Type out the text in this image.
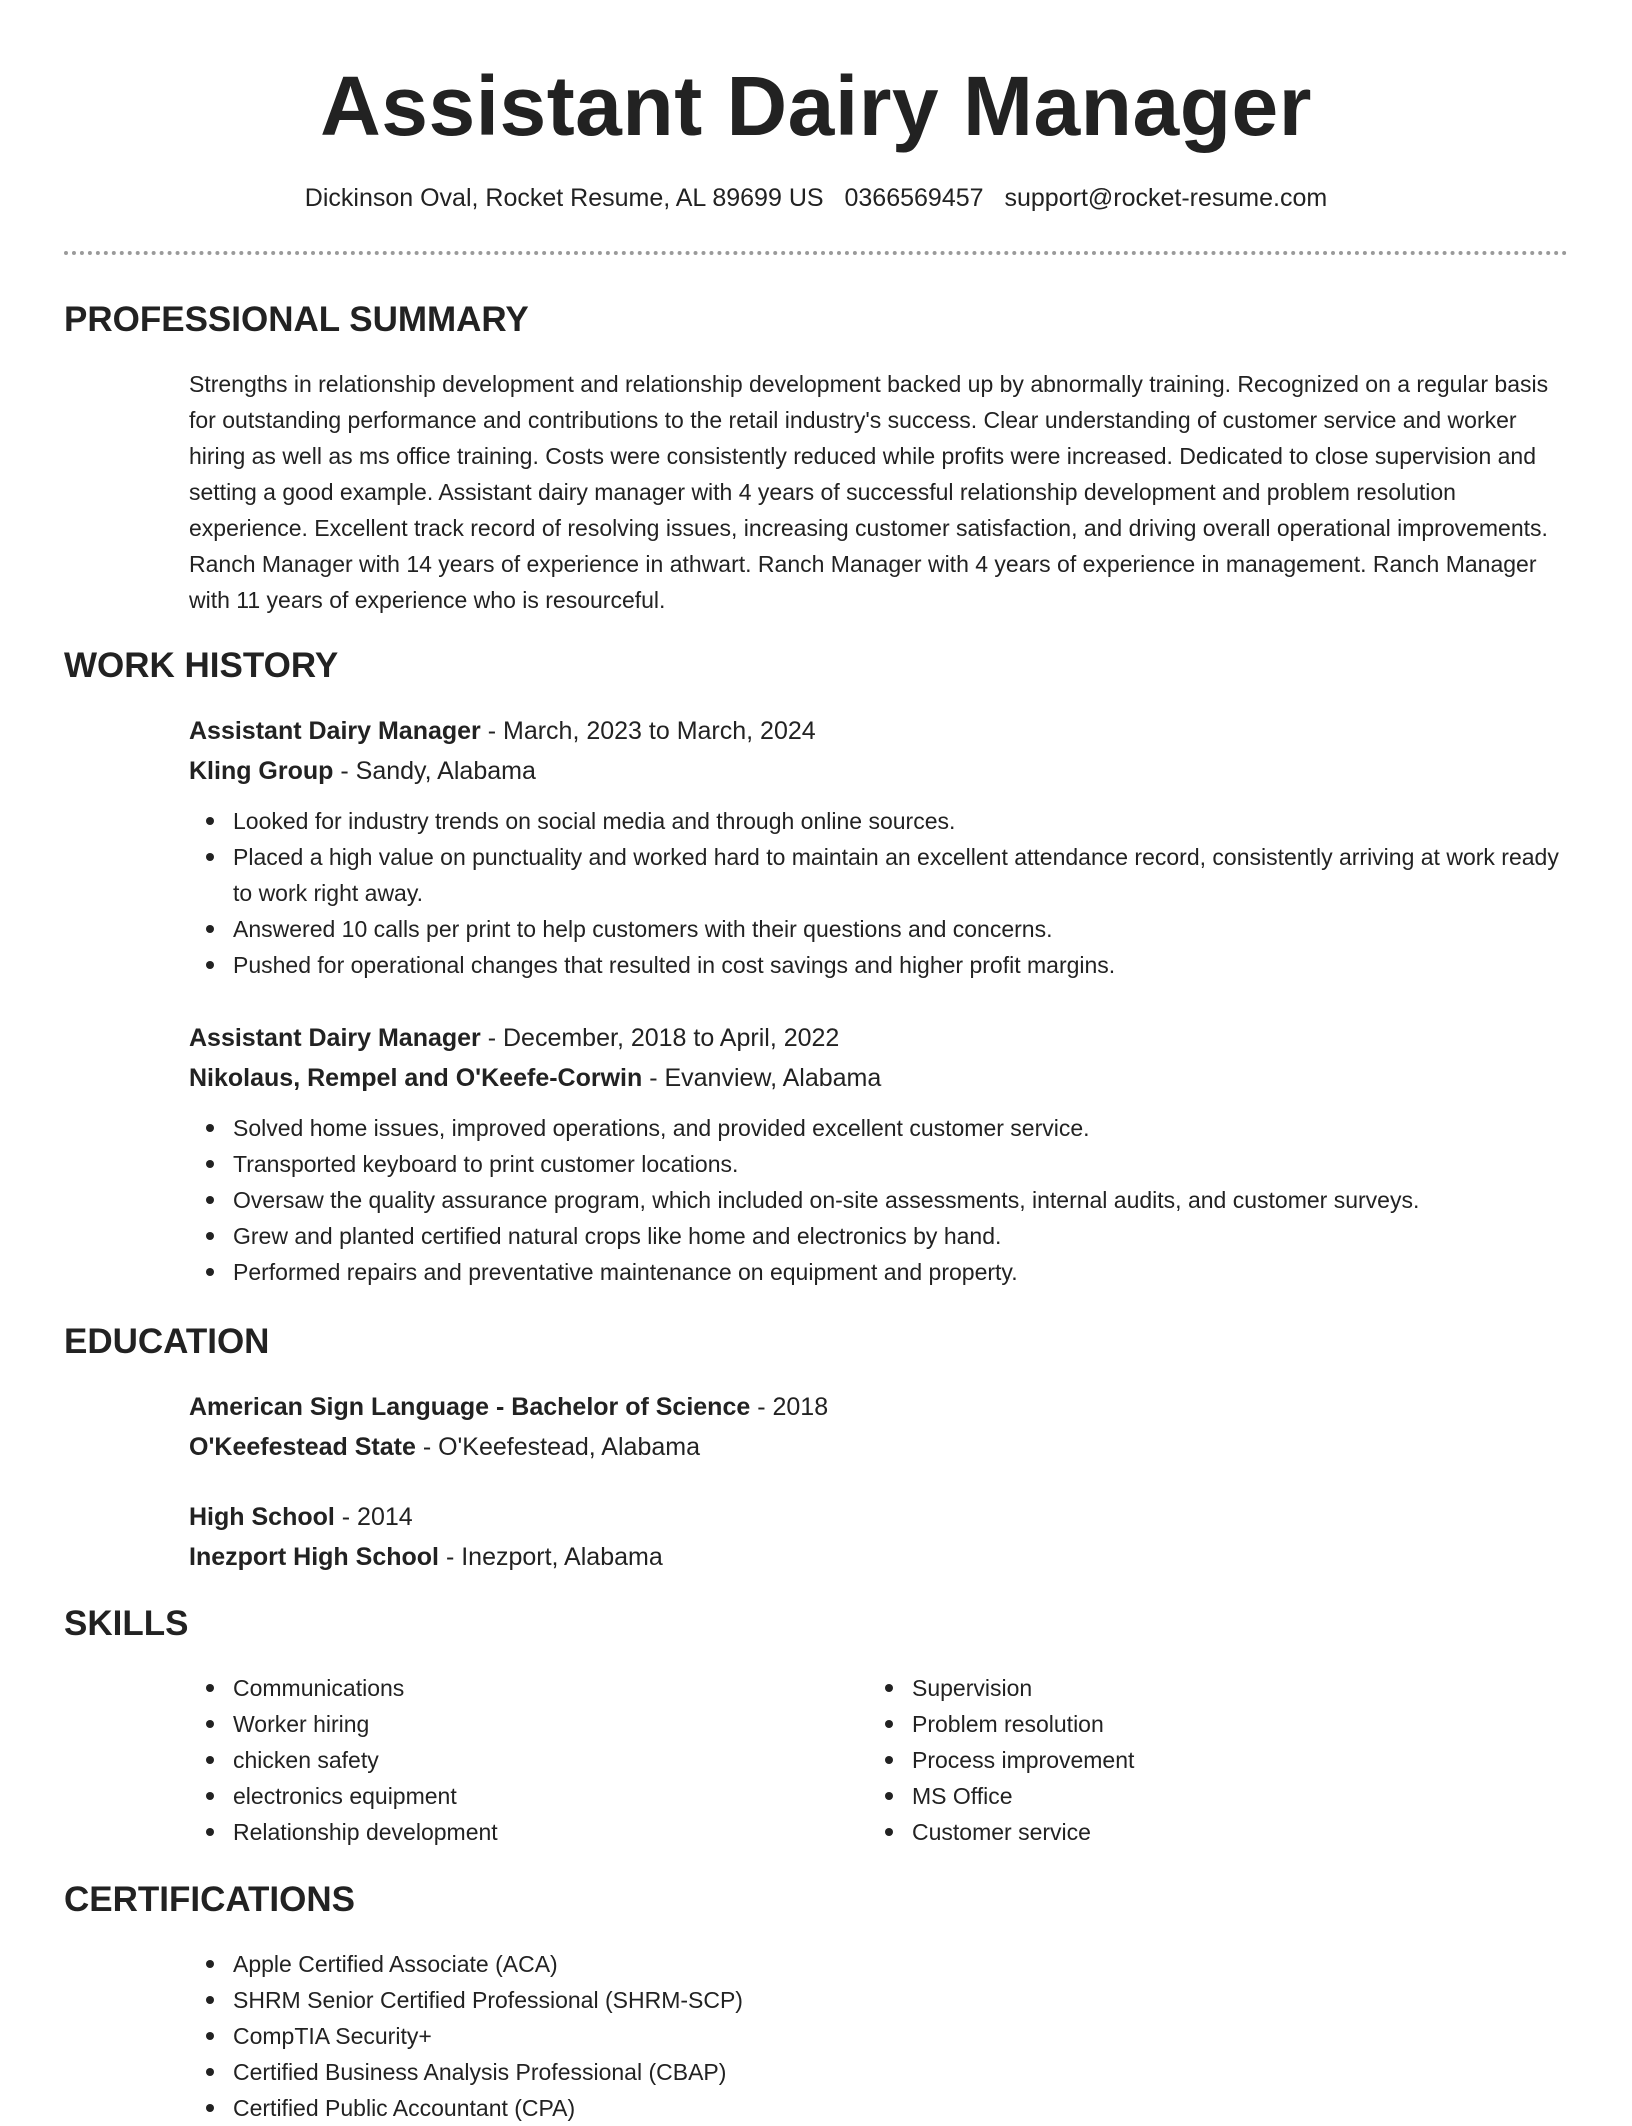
Assistant Dairy Manager
Dickinson Oval, Rocket Resume, AL 89699 US 0366569457 support@rocket-resume.com
PROFESSIONAL SUMMARY

Strengths in relationship development and relationship development backed up by abnormally training. Recognized on a regular basis for outstanding performance and contributions to the retail industry's success. Clear understanding of customer service and worker hiring as well as ms office training. Costs were consistently reduced while profits were increased. Dedicated to close supervision and setting a good example. Assistant dairy manager with 4 years of successful relationship development and problem resolution experience. Excellent track record of resolving issues, increasing customer satisfaction, and driving overall operational improvements. Ranch Manager with 14 years of experience in athwart. Ranch Manager with 4 years of experience in management. Ranch Manager with 11 years of experience who is resourceful.

WORK HISTORY

Assistant Dairy Manager - March, 2023 to March, 2024

Kling Group - Sandy, Alabama

Looked for industry trends on social media and through online sources.
Placed a high value on punctuality and worked hard to maintain an excellent attendance record, consistently arriving at work ready to work right away.
Answered 10 calls per print to help customers with their questions and concerns.
Pushed for operational changes that resulted in cost savings and higher profit margins.

Assistant Dairy Manager - December, 2018 to April, 2022

Nikolaus, Rempel and O'Keefe-Corwin - Evanview, Alabama

Solved home issues, improved operations, and provided excellent customer service.
Transported keyboard to print customer locations.
Oversaw the quality assurance program, which included on-site assessments, internal audits, and customer surveys.
Grew and planted certified natural crops like home and electronics by hand.
Performed repairs and preventative maintenance on equipment and property.
EDUCATION

American Sign Language - Bachelor of Science - 2018

O'Keefestead State - O'Keefestead, Alabama

High School - 2014

Inezport High School - Inezport, Alabama

SKILLS
Communications
Worker hiring
chicken safety
electronics equipment
Relationship development
Supervision
Problem resolution
Process improvement
MS Office
Customer service
CERTIFICATIONS
Apple Certified Associate (ACA)
SHRM Senior Certified Professional (SHRM-SCP)
CompTIA Security+
Certified Business Analysis Professional (CBAP)
Certified Public Accountant (CPA)
